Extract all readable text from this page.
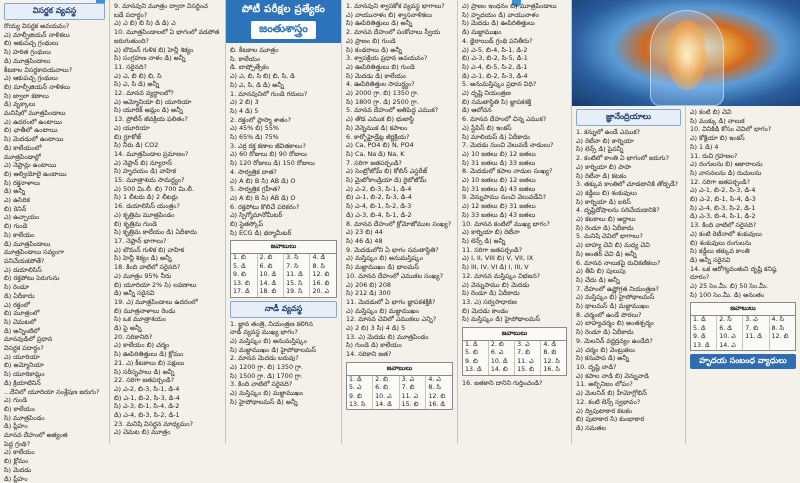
విసర్జక వ్యవస్థ
రొయ్య విసర్జక అవయవం?
ఎ) మాల్ఫీజియన్ నాళికలు
బి) ఆకుపచ్చ గ్రంథులు
సి) హరిత గ్రంథులు
డి) మూత్రపిండాలు
కీటకాల విసర్జకావయవాలు?
ఎ) ఆకుపచ్చ గ్రంథులు
బి) మాల్ఫీజియన్ నాళికలు
సి) జ్వాలా కణాలు
డి) వృక్కాలు
మనిషిలో మూత్రపిండాలు
ఎ) ఉదరంలో ఉంటాయి
బి) ఛాతీలో ఉంటాయి
సి) మెదడులో ఉంటాయి
డి) కాలేయంలో
మూత్రపిండాల్లో
ఎ) నెఫ్రాన్లు ఉంటాయి
బి) ఆల్వియోలై ఉంటాయి
సి) రక్తనాళాలు
డి) అన్నీ
ఎ) ఉసిరిక
బి) రెనిన్
ఎ) ఉచ్ఛాయం
బి) గుండె
సి) కాలేయం
డి) మూత్రపిండాలు
మూత్రపిండాలు సవ్యంగా
పనిచేయకపోతే?
ఎ) డయాలిసిస్
బి) రక్తపోటు పెరుగును
సి) రెండూ
డి) ఏదీకాదు
ఎ) రక్తంలో
బి) మూత్రంలో
సి) చెమటలో
డి) అన్నింటిలో
మానవుడిలో ప్రధాన
విసర్జక పదార్థం?
ఎ) యూరియా
బి) అమ్మోనియా
సి) యూరికామ్లం
డి) క్రియాటినిన్
...దేనిలో యూరియా సంశ్లేషణ జరుగు?
ఎ) గుండె
బి) కాలేయం
సి) మూత్రపిండం
డి) ప్లీహం
మానవ దేహంలో అత్యంత
పెద్ద గ్రంథి?
ఎ) కాలేయం
బి) క్లోమం
సి) మెదడు
డి) ప్లీహం
9. మానవుని మూత్రం ద్వారా విసర్జించ
బడే పదార్థం?
ఎ) ఎ బి) బి సి) డి డి) ఎ
10. మూత్రపిండాలలో ఏ భాగంలో వడపోత
జరుగుతుంది?
ఎ) బౌమన్ గుళిక బి) హెన్లీ శిక్యం
సి) సంగ్రహణ నాళం డి) అన్నీ
11. సరైనది?
ఎ) ఎ, బి బి) బి, సి
సి) ఎ, సి డి) అన్నీ
12. మానవ వ్యర్థాలలో?
ఎ) అమ్మోనియా బి) యూరియా
సి) యూరిక్ ఆమ్లం డి) అన్నీ
13. ప్రోటీన్ జీవక్రియ ఫలితం?
ఎ) యూరియా
బి) గ్లూకోజ్
సి) నీరు డి) CO2
14. మూత్రపిండాల ప్రమాణం?
ఎ) నెఫ్రాన్ బి) న్యూరాన్
సి) హృదయం డి) వాహిక
15. మూత్రాశయ సామర్థ్యం?
ఎ) 500 మి.లీ. బి) 700 మి.లీ.
సి) 1 లీటరు డి) 2 లీటర్లు
16. డయాలిసిస్ యంత్రం?
ఎ) కృత్రిమ మూత్రపిండం
బి) కృత్రిమ గుండె
సి) కృత్రిమ కాలేయం డి) ఏదీకాదు
17. నెఫ్రాన్ భాగాలు?
ఎ) బౌమన్ గుళిక బి) వాహిక
సి) హెన్లీ శిక్యం డి) అన్నీ
18. కింది వాటిలో సరైనది?
ఎ) మూత్రం 95% నీరు
బి) యూరియా 2% సి) లవణాలు
డి) అన్నీ సరైనవి
19. ఎ) మూత్రపిండాలు ఉదరంలో
బి) మూత్రనాళాలు రెండు
సి) ఒక మూత్రాశయం
డి) పై అన్నీ
20. సరికానిది?
ఎ) కాలేయం బి) చర్మం
సి) ఊపిరితిత్తులు డి) క్లోమం
21. ఎ) కీటకాలు బి) పక్షులు
సి) సరీసృపాలు డి) అన్నీ
22. సరిగా జతపర్చండి?
ఎ) ఎ-2, బి-3, సి-1, డి-4
బి) ఎ-1, బి-2, సి-3, డి-4
సి) ఎ-3, బి-1, సి-4, డి-2
డి) ఎ-4, బి-3, సి-2, డి-1
23. మనిషి విసర్జన మాధ్యమం?
ఎ) చెమట బి) మూత్రం
పోటీ పరీక్షల ప్రత్యేకం
జంతుశాస్త్రం
బి. కీటకాల మూత్రం
సి. కాలేయం
డి. బాష్పోత్సేకం
ఎ) ఎ, బి, సి బి) బి, సి, డి
సి) ఎ, సి, డి డి) అన్నీ
1. మానవునిలో గుండె గదులు?
ఎ) 2 బి) 3
సి) 4 డి) 5
2. రక్తంలో ప్లాస్మా శాతం?
ఎ) 45% బి) 55%
సి) 65% డి) 75%
3. ఎర్ర రక్త కణాల జీవితకాలం?
ఎ) 60 రోజులు బి) 90 రోజులు
సి) 120 రోజులు డి) 150 రోజులు
4. సార్వత్రిక దాత?
ఎ) A బి) B సి) AB డి) O
5. సార్వత్రిక గ్రహీత?
ఎ) A బి) B సి) AB డి) O
6. రక్తపోటు కొలిచే పరికరం?
ఎ) స్పిగ్మోమానోమీటర్
బి) స్టెతస్కోప్
సి) ECG డి) థర్మామీటర్
జవాబులు
1. బి	2. బి	3. సి	4. డి
5. డి	6. బి	7. సి	8. సి
9. బి	10. డి	11. డి	12. బి
13. బి	14. డి	15. సి	16. బి
17. డి	18. బి	19. సి	20. ఎ
నాడీ వ్యవస్థ
1. జ్ఞాన తంత్రి, నియంత్రణ కలిగిన
నాడీ వ్యవస్థ ముఖ్య భాగం?
ఎ) మస్తిష్కం బి) అనుమస్తిష్కం
సి) మజ్జాముఖం డి) హైపోథాలమస్
2. మానవ మెదడు బరువు?
ఎ) 1200 గ్రా. బి) 1350 గ్రా.
సి) 1500 గ్రా. డి) 1700 గ్రా.
3. కింది వాటిలో సరైనది?
ఎ) మస్తిష్కం బి) మజ్జాముఖం
సి) హైపోథాలమస్ డి) అన్నీ
1. మానవుని శ్వాసకోశ వ్యవస్థ భాగాలు?
ఎ) వాయునాళం బి) శ్వాసనాళికలు
సి) ఊపిరితిత్తులు డి) అన్నీ
2. మానవ దేహంలో సంకోచాలు స్వీయ
ఎ) ప్రాణం బి) గుండె
సి) కండరాలు డి) అన్నీ
3. శ్వాసక్రియ ప్రధాన అవయవం?
ఎ) ఊపిరితిత్తులు బి) గుండె
సి) మెదడు డి) కాలేయం
4. ఊపిరితిత్తుల సామర్థ్యం?
ఎ) 2000 గ్రా. బి) 1350 గ్రా.
సి) 1800 గ్రా. డి) 2500 గ్రా.
5. మానవ దేహంలో అతిపెద్ద ఎముక?
ఎ) తొడ ఎముక బి) భుజాస్థి
సి) వెన్నెముక డి) కపాలం
6. కార్బోహైడ్రేట్ల జీర్ణక్రియ?
ఎ) Ca, PO4 బి) N, PO4
సి) Ca, Na డి) Na, K
7. సరిగా జతపర్చండి?
ఎ) సెంట్రోజోమ్ బి) కోలిన్ ఎస్టరేజ్
సి) మైటోకాండ్రియా డి) రైబోజోమ్
ఎ) ఎ-2, బి-3, సి-1, డి-4
బి) ఎ-1, బి-2, సి-3, డి-4
సి) ఎ-4, బి-1, సి-2, డి-3
డి) ఎ-3, బి-4, సి-1, డి-2
8. మానవ దేహంలో క్రోమోజోముల సంఖ్య?
ఎ) 23 బి) 44
సి) 46 డి) 48
9. మెదడులోని ఏ భాగం సమతాస్థితి?
ఎ) మస్తిష్కం బి) అనుమస్తిష్కం
సి) మజ్జాముఖం డి) థాలమస్
10. మానవ దేహంలో ఎముకల సంఖ్య?
ఎ) 206 బి) 208
సి) 212 డి) 300
11. మెదడులో ఏ భాగం జ్ఞాపకశక్తికి?
ఎ) మస్తిష్కం బి) మజ్జాముఖం
12. మానవ చెవిలో ఎముకలు ఎన్ని?
ఎ) 2 బి) 3 సి) 4 డి) 5
13. ఎ) మెదడు బి) మూత్రపిండం
సి) గుండె డి) కాలేయం
14. సరికాని జత?
జవాబులు
1. డి	2. బి	3. ఎ	4. ఎ
5. ఎ	6. బి	7. బి	8. సి
9. బి	10. ఎ	11. ఎ	12. బి
13. సి	14. డి	15. బి	16. డి
ఎ) ప్రాణం ఇంధనం బి) మూత్రపిండాలు
సి) హృదయం డి) వాయునాళం
సి) మెదడు డి) ఊపిరితిత్తులు
డి) మజ్జాముఖం
4. థైరాయిడ్ గ్రంథి పనితీరు?
ఎ) ఎ-5, బి-4, సి-1, డి-2
బి) ఎ-3, బి-2, సి-5, డి-1
సి) ఎ-4, బి-5, సి-2, డి-1
డి) ఎ-1, బి-2, సి-3, డి-4
5. అనుమస్తిష్కం ప్రధాన విధి?
ఎ) దృష్టి నియంత్రణ
బి) సమతాస్థితి సి) జ్ఞాపకశక్తి
డి) ఆలోచన
6. మానవ దేహంలో చిన్న ఎముక?
ఎ) స్టేపిస్ బి) ఇంకస్
సి) మాలియస్ డి) ఏదీకాదు
7. మెదడు నుంచి వెలువడే నాడులు?
ఎ) 10 జతలు బి) 12 జతలు
సి) 31 జతలు డి) 33 జతలు
8. మెదడులో కపాల నాడుల సంఖ్య?
ఎ) 10 జతలు బి) 12 జతలు
సి) 31 జతలు డి) 43 జతలు
9. వెన్నుపాము నుంచి వెలువడేవి?
ఎ) 12 జతలు బి) 31 జతలు
సి) 33 జతలు డి) 43 జతలు
10. మానవ కంటిలో ముఖ్య భాగం?
ఎ) కార్నియా బి) రెటీనా
సి) లెన్స్ డి) అన్నీ
11. సరిగా జతపర్చండి?
ఎ) I, II, VIII బి) V, VII, IX
సి) III, IV, VI డి) I, III, V
12. మానవ మస్తిష్కం విభజన?
ఎ) వెన్నుపాము బి) మెదడు
సి) రెండూ డి) ఏదీకాదు
13. ఎ) సర్వసాధారణ
బి) మెదడు కాండం
సి) మస్తిష్కం డి) హైపోథాలమస్
జవాబులు
1. డి	2. బి	3. ఎ	4. డి
5. బి	6. ఎ	7. బి	8. బి
9. బి	10. డి	11. ఎ	12. సి
13. డి	14. బి	15. బి	16. సి
16. జతకాని దానిని గుర్తించండి?
జ్ఞానేంద్రియాలు
1. కన్నులో ఉండే ఎముక?
ఎ) రెటీనా బి) కార్నియా
సి) లెన్స్ డి) పైవన్నీ
2. కంటిలో కాంతి ఏ భాగంలో జరుగు?
ఎ) కార్నియా బి) పాపా
సి) రెటీనా డి) కటకం
3. తక్కువ కాంతిలో చూడటానికి తోడ్పడే?
ఎ) కడ్డీలు బి) శంకువులు
సి) కార్నియా డి) ఐరిస్
4. దృష్టిదోషాలను సరిచేయడానికి?
ఎ) కటకాలు బి) అద్దాలు
సి) రెండూ డి) ఏదీకాదు
5. మనిషి చెవిలో భాగాలు?
ఎ) బాహ్య చెవి బి) మధ్య చెవి
సి) అంతర్ చెవి డి) అన్నీ
6. మానవ నాలుకపై రుచికణికలు?
ఎ) తీపి బి) పులుపు
సి) చేదు డి) అన్నీ
7. దేహంలో ఉష్ణోగ్రత నియంత్రణ?
ఎ) మస్తిష్కం బి) హైపోథాలమస్
సి) థాలమస్ డి) మజ్జాముఖం
8. చర్మంలో ఉండే పొరలు?
ఎ) బాహ్యచర్మం బి) అంతశ్చర్మం
సి) రెండూ డి) ఏదీకాదు
9. మెలనిన్ వర్ణద్రవ్యం ఉండేది?
ఎ) చర్మం బి) వెంట్రుకలు
సి) కనుపాప డి) అన్నీ
10. దృష్టి నాడి?
ఎ) కపాల నాడి బి) వెన్నునాడి
11. అల్బినిజం లోపం?
ఎ) మెలనిన్ బి) హీమోగ్లోబిన్
12. కంటి లెన్స్ స్వభావం?
ఎ) ద్విపుటాకార కటకం
బి) పుటాకార సి) కుంభాకార
డి) సమతల
ఎ) కంటి బి) చెవి
సి) ముక్కు డి) నాలుక
10. వినికిడి కోసం చెవిలో భాగం?
ఎ) కోక్లియా బి) ఇంకస్
సి) 1 డి) 4
11. రుచి గ్రహణం?
ఎ) రంగులను బి) ఆకారాలను
సి) వాసనలను డి) రుచులను
12. సరిగా జతపర్చండి?
ఎ) ఎ-1, బి-2, సి-3, డి-4
బి) ఎ-2, బి-1, సి-4, డి-3
సి) ఎ-4, బి-3, సి-2, డి-1
డి) ఎ-3, బి-4, సి-1, డి-2
13. కింది వాటిలో సరైనది?
ఎ) కంటి రెటీనాలో శంకువులు
బి) శంకువులు రంగులను
సి) కడ్డీలు తక్కువ కాంతి
డి) అన్నీ సరైనవి
14. ఒక ఆరోగ్యవంతుని దృష్టి కనిష్ఠ
దూరం?
ఎ) 25 సెం.మీ. బి) 50 సెం.మీ.
సి) 100 సెం.మీ. డి) అనంతం
జవాబులు
1. డి	2. సి	3. ఎ	4. సి
5. డి	6. డి	7. బి	8. సి
9. డి	10. ఎ	11. డి	12. బి
13. డి	14. ఎ		
హృదయ సంబంధ వ్యాధులు
